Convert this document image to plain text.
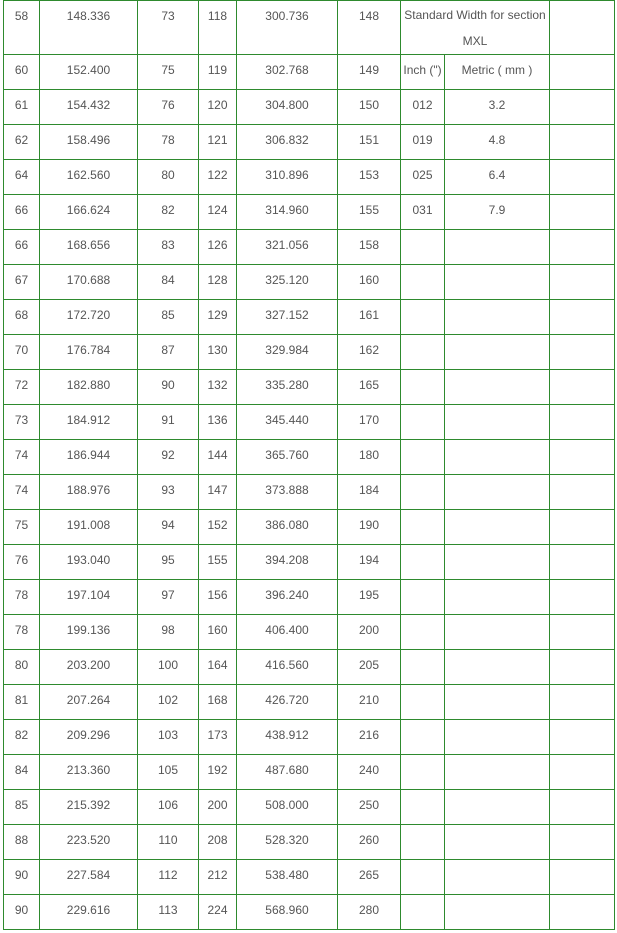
58	148.336	73	118	300.736	148	Standard Width for section MXL		
60	152.400	75	119	302.768	149	Inch (")	Metric ( mm )	
61	154.432	76	120	304.800	150	012	3.2	
62	158.496	78	121	306.832	151	019	4.8	
64	162.560	80	122	310.896	153	025	6.4	
66	166.624	82	124	314.960	155	031	7.9	
66	168.656	83	126	321.056	158			
67	170.688	84	128	325.120	160			
68	172.720	85	129	327.152	161			
70	176.784	87	130	329.984	162			
72	182.880	90	132	335.280	165			
73	184.912	91	136	345.440	170			
74	186.944	92	144	365.760	180			
74	188.976	93	147	373.888	184			
75	191.008	94	152	386.080	190			
76	193.040	95	155	394.208	194			
78	197.104	97	156	396.240	195			
78	199.136	98	160	406.400	200			
80	203.200	100	164	416.560	205			
81	207.264	102	168	426.720	210			
82	209.296	103	173	438.912	216			
84	213.360	105	192	487.680	240			
85	215.392	106	200	508.000	250			
88	223.520	110	208	528.320	260			
90	227.584	112	212	538.480	265			
90	229.616	113	224	568.960	280			
